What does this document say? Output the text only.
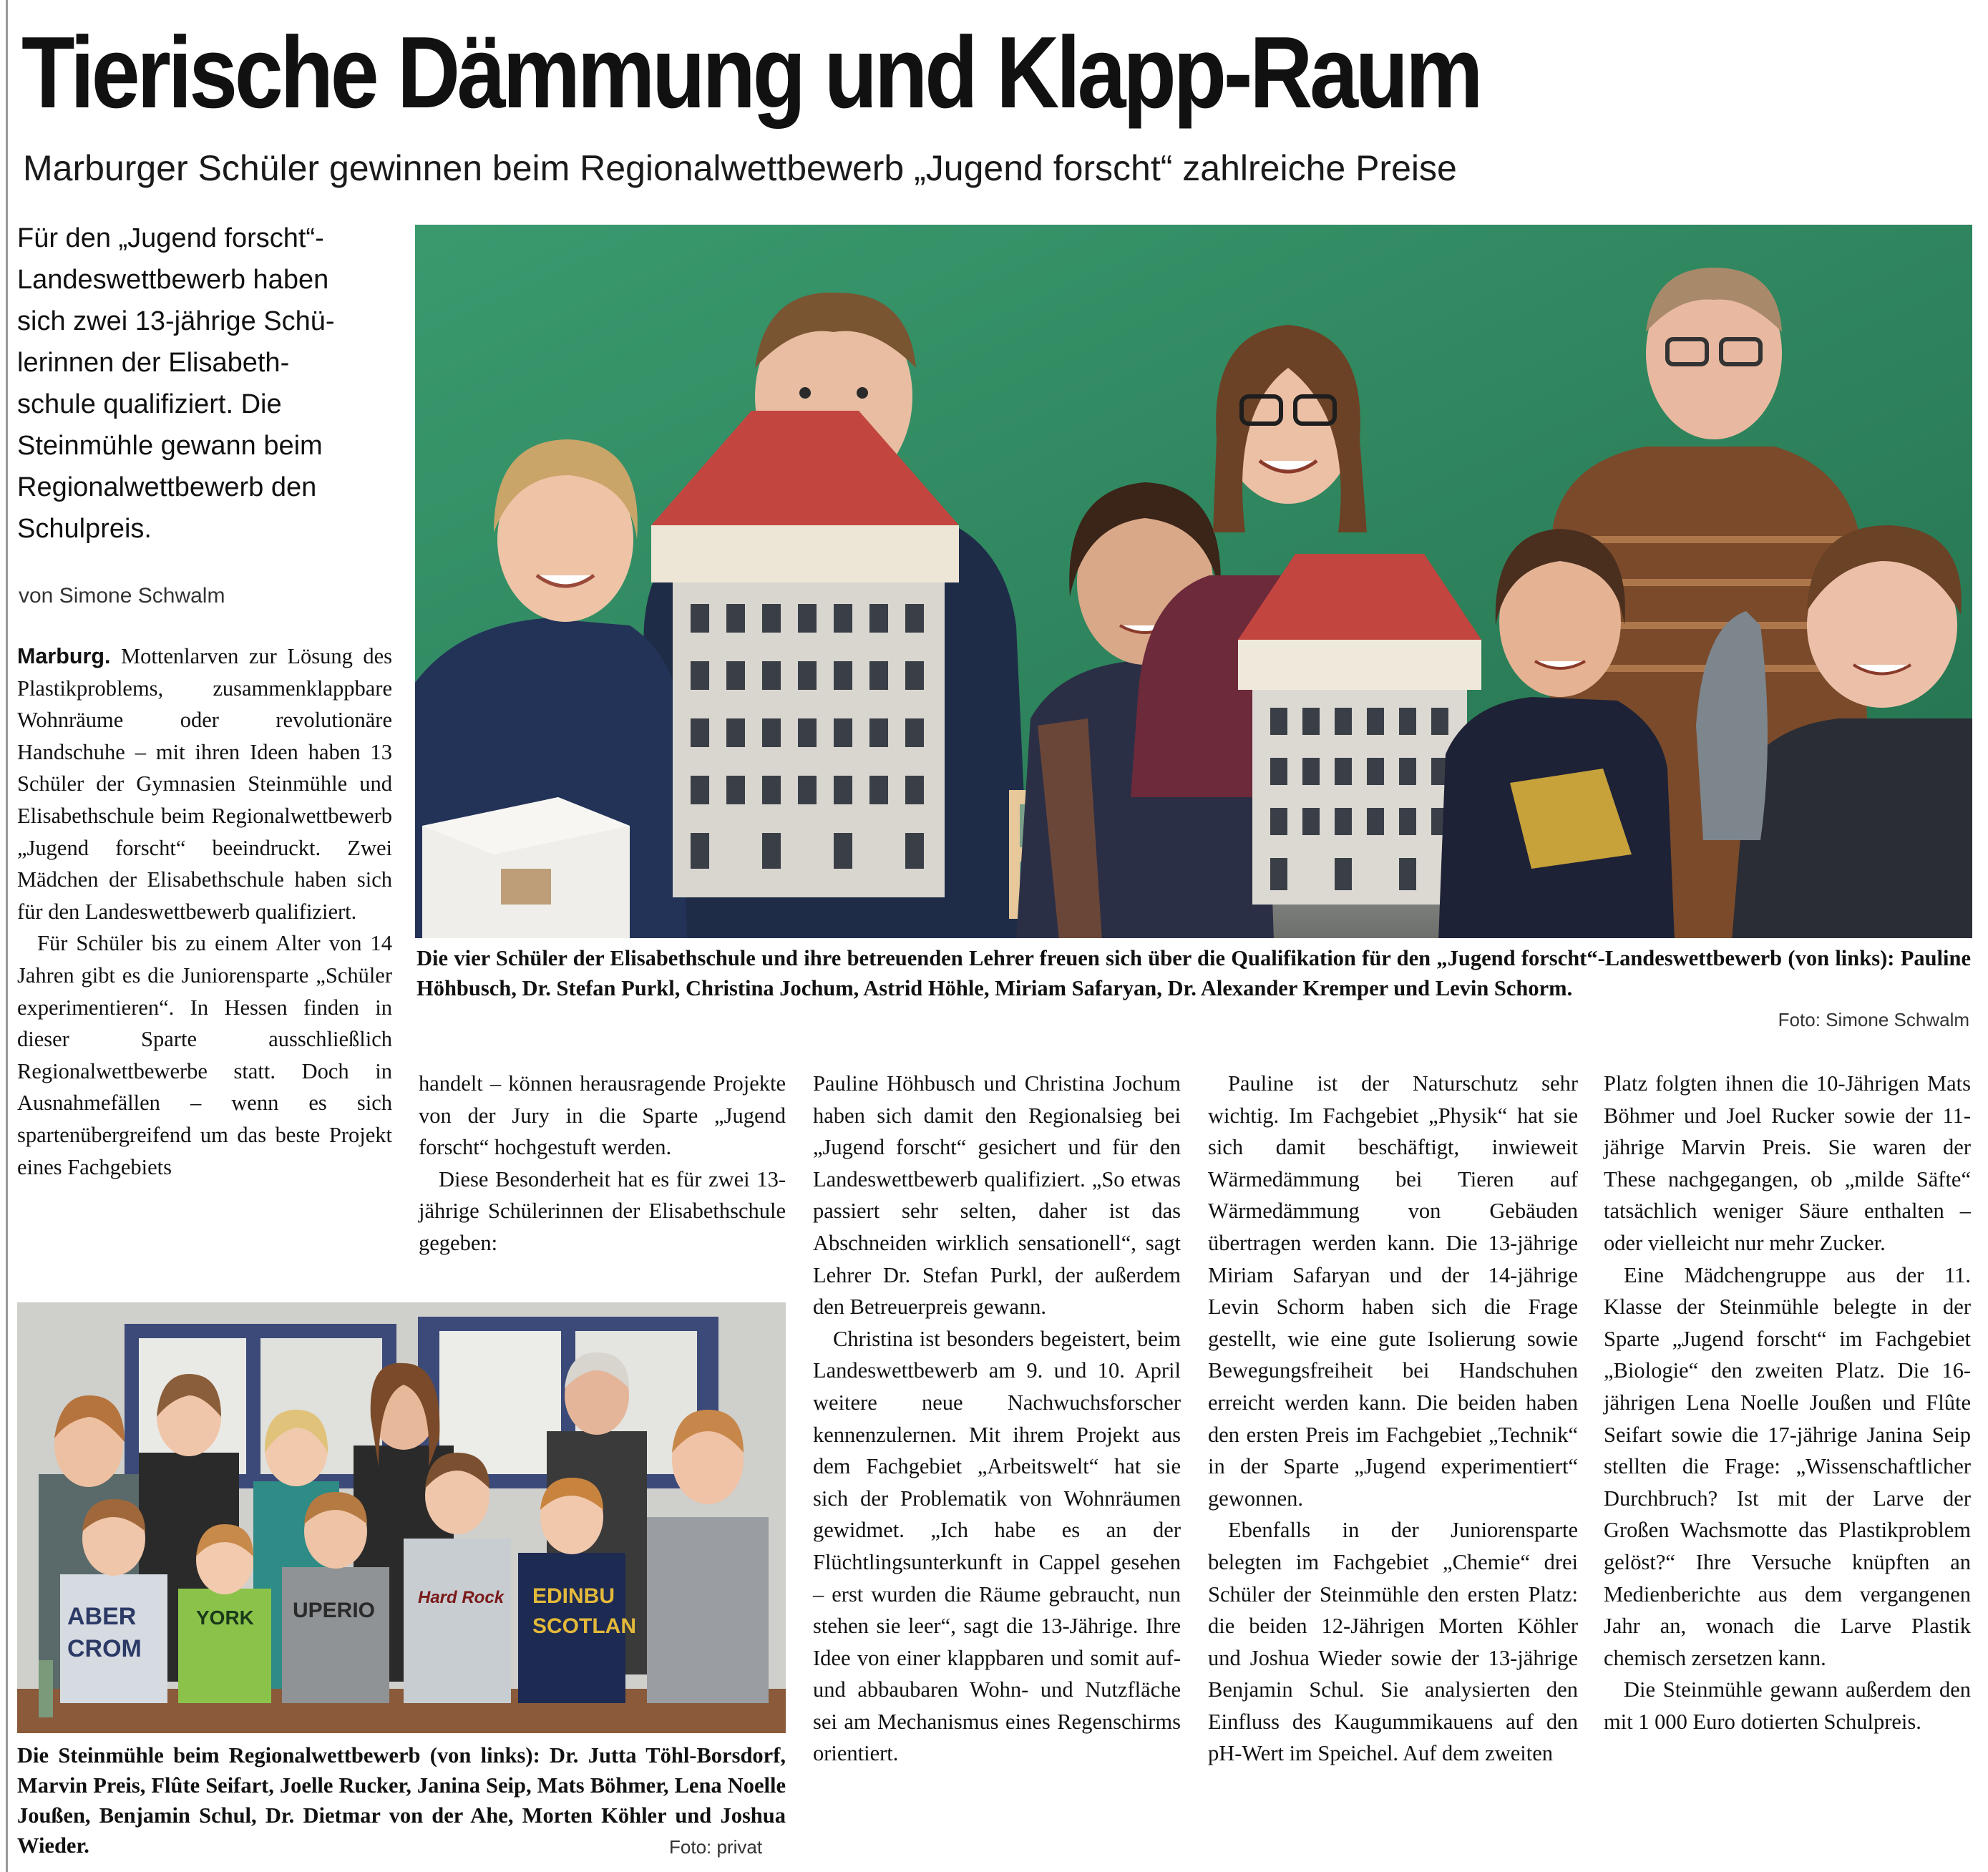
Tierische Dämmung und Klapp-Raum
Marburger Schüler gewinnen beim Regionalwettbewerb „Jugend forscht“ zahlreiche Preise

Für den „Jugend forscht“-

Landeswettbewerb haben

sich zwei 13-jährige Schü-

lerinnen der Elisabeth-

schule qualifiziert. Die

Steinmühle gewann beim

Regionalwettbewerb den

Schulpreis.

von Simone Schwalm
Die vier Schüler der Elisabethschule und ihre betreuenden Lehrer freuen sich über die Qualifikation für den „Jugend forscht“-Landeswettbewerb (von links): Pauline Höhbusch, Dr. Stefan Purkl, Christina Jochum, Astrid Höhle, Miriam Safaryan, Dr. Alexander Kremper und Levin Schorm.
Foto: Simone Schwalm

Marburg. Mottenlarven zur Lösung des Plastikproblems, zusammenklappbare Wohnräume oder revolutionäre Handschuhe – mit ihren Ideen haben 13 Schüler der Gymnasien Steinmühle und Elisabethschule beim Regionalwettbewerb „Jugend forscht“ beeindruckt. Zwei Mädchen der Elisabethschule haben sich für den Landeswettbewerb qualifiziert.

Für Schüler bis zu einem Alter von 14 Jahren gibt es die Juniorensparte „Schüler experimentieren“. In Hessen finden in dieser Sparte ausschließlich Regionalwettbewerbe statt. Doch in Ausnahmefällen – wenn es sich spartenübergreifend um das beste Projekt eines Fachgebiets

handelt – können herausragende Projekte von der Jury in die Sparte „Jugend forscht“ hochgestuft werden.

Diese Besonderheit hat es für zwei 13-jährige Schülerinnen der Elisabethschule gegeben:

Pauline Höhbusch und Christina Jochum haben sich damit den Regionalsieg bei „Jugend forscht“ gesichert und für den Landeswettbewerb qualifiziert. „So etwas passiert sehr selten, daher ist das Abschneiden wirklich sensationell“, sagt Lehrer Dr. Stefan Purkl, der außerdem den Betreuerpreis gewann.

Christina ist besonders begeistert, beim Landeswettbewerb am 9. und 10. April weitere neue Nachwuchsforscher kennenzulernen. Mit ihrem Projekt aus dem Fachgebiet „Arbeitswelt“ hat sie sich der Problematik von Wohnräumen gewidmet. „Ich habe es an der Flüchtlingsunterkunft in Cappel gesehen – erst wurden die Räume gebraucht, nun stehen sie leer“, sagt die 13-Jährige. Ihre Idee von einer klappbaren und somit auf- und abbaubaren Wohn- und Nutzfläche sei am Mechanismus eines Regenschirms orientiert.

Pauline ist der Naturschutz sehr wichtig. Im Fachgebiet „Physik“ hat sie sich damit beschäftigt, inwieweit Wärmedämmung bei Tieren auf Wärmedämmung von Gebäuden übertragen werden kann. Die 13-jährige Miriam Safaryan und der 14-jährige Levin Schorm haben sich die Frage gestellt, wie eine gute Isolierung sowie Bewegungsfreiheit bei Handschuhen erreicht werden kann. Die beiden haben den ersten Preis im Fachgebiet „Technik“ in der Sparte „Jugend experimentiert“ gewonnen.

Ebenfalls in der Juniorensparte belegten im Fachgebiet „Chemie“ drei Schüler der Steinmühle den ersten Platz: die beiden 12-Jährigen Morten Köhler und Joshua Wieder sowie der 13-jährige Benjamin Schul. Sie analysierten den Einfluss des Kaugummikauens auf den pH-Wert im Speichel. Auf dem zweiten

Platz folgten ihnen die 10-Jährigen Mats Böhmer und Joel Rucker sowie der 11-jährige Marvin Preis. Sie waren der These nachgegangen, ob „milde Säfte“ tatsächlich weniger Säure enthalten – oder vielleicht nur mehr Zucker.

Eine Mädchengruppe aus der 11. Klasse der Steinmühle belegte in der Sparte „Jugend forscht“ im Fachgebiet „Biologie“ den zweiten Platz. Die 16-jährigen Lena Noelle Joußen und Flûte Seifart sowie die 17-jährige Janina Seip stellten die Frage: „Wissenschaftlicher Durchbruch? Ist mit der Larve der Großen Wachsmotte das Plastikproblem gelöst?“ Ihre Versuche knüpften an Medienberichte aus dem vergangenen Jahr an, wonach die Larve Plastik chemisch zersetzen kann.

Die Steinmühle gewann außerdem den mit 1 000 Euro dotierten Schulpreis.

ABER
CROM
YORK UPERIO
Hard Rock EDINBU
SCOTLAN
Die Steinmühle beim Regionalwettbewerb (von links): Dr. Jutta Töhl-Borsdorf, Marvin Preis, Flûte Seifart, Joelle Rucker, Janina Seip, Mats Böhmer, Lena Noelle Joußen, Benjamin Schul, Dr. Dietmar von der Ahe, Morten Köhler und Joshua Wieder.	Foto: privat
